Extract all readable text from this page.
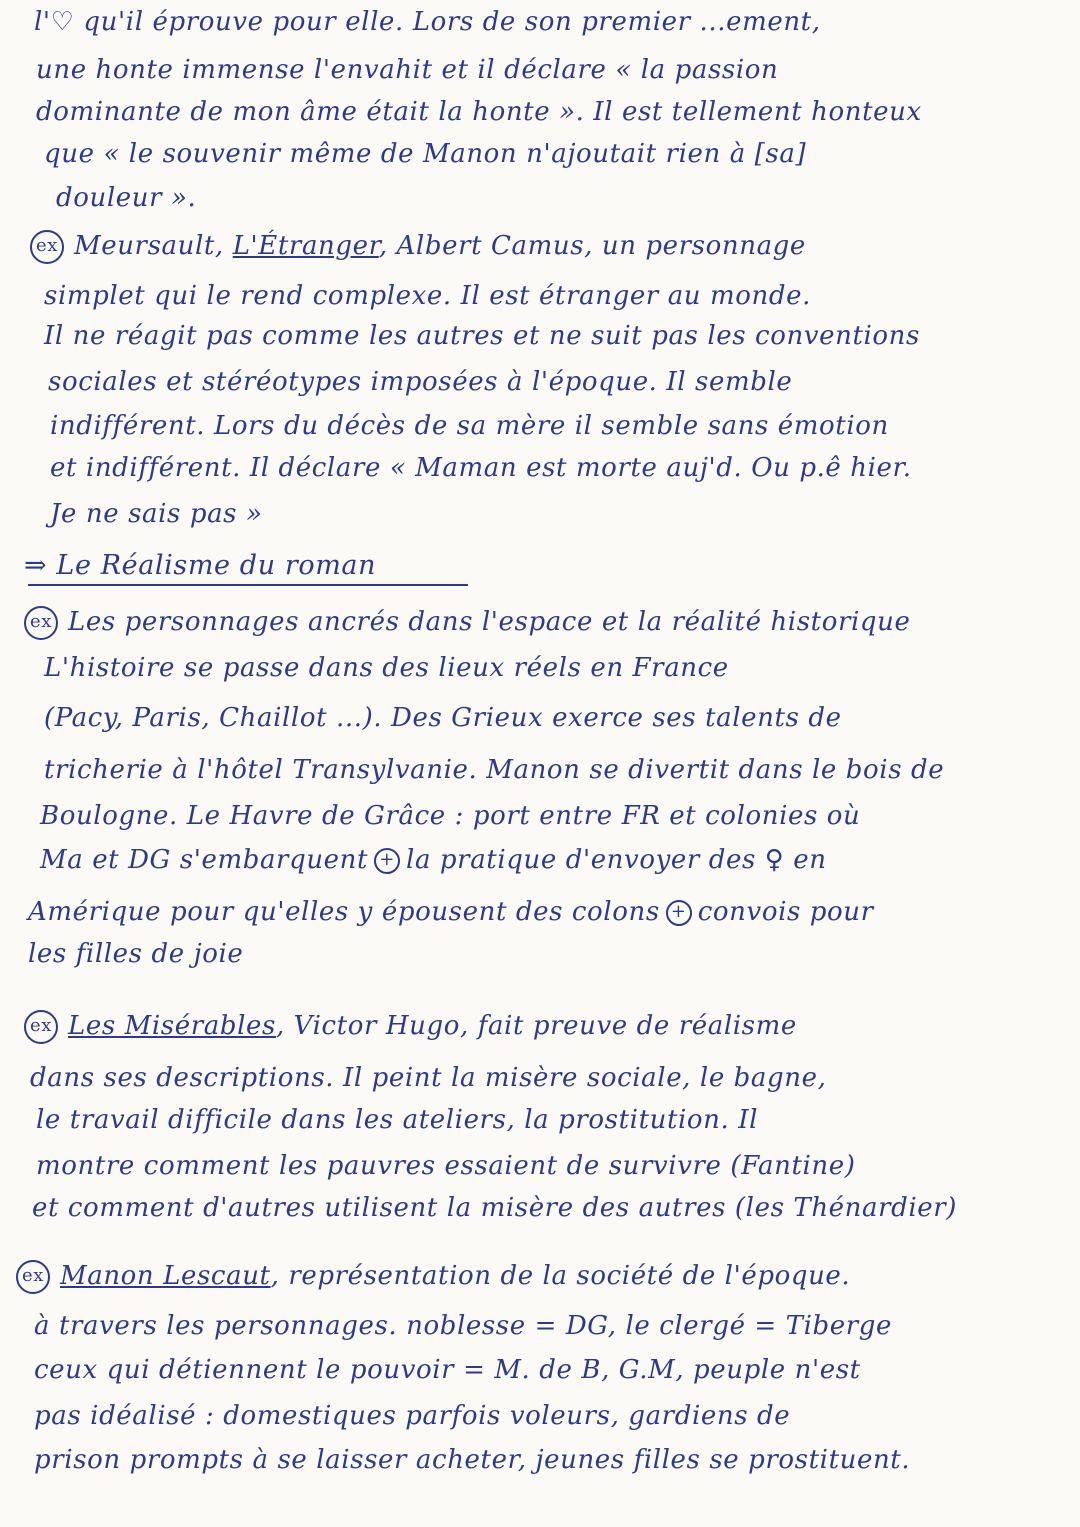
l'♡ qu'il éprouve pour elle. Lors de son premier ...ement,
une honte immense l'envahit et il déclare « la passion
dominante de mon âme était la honte ». Il est tellement honteux
que « le souvenir même de Manon n'ajoutait rien à [sa]
douleur ».
ex Meursault, L'Étranger, Albert Camus, un personnage
simplet qui le rend complexe. Il est étranger au monde.
Il ne réagit pas comme les autres et ne suit pas les conventions
sociales et stéréotypes imposées à l'époque. Il semble
indifférent. Lors du décès de sa mère il semble sans émotion
et indifférent. Il déclare « Maman est morte auj'd. Ou p.ê hier.
Je ne sais pas »
⇒ Le Réalisme du roman
ex Les personnages ancrés dans l'espace et la réalité historique
L'histoire se passe dans des lieux réels en France
(Pacy, Paris, Chaillot ...). Des Grieux exerce ses talents de
tricherie à l'hôtel Transylvanie. Manon se divertit dans le bois de
Boulogne. Le Havre de Grâce : port entre FR et colonies où
Ma et DG s'embarquent + la pratique d'envoyer des ♀ en
Amérique pour qu'elles y épousent des colons + convois pour
les filles de joie
ex Les Misérables, Victor Hugo, fait preuve de réalisme
dans ses descriptions. Il peint la misère sociale, le bagne,
le travail difficile dans les ateliers, la prostitution. Il
montre comment les pauvres essaient de survivre (Fantine)
et comment d'autres utilisent la misère des autres (les Thénardier)
ex Manon Lescaut, représentation de la société de l'époque.
à travers les personnages. noblesse = DG, le clergé = Tiberge
ceux qui détiennent le pouvoir = M. de B, G.M, peuple n'est
pas idéalisé : domestiques parfois voleurs, gardiens de
prison prompts à se laisser acheter, jeunes filles se prostituent.
